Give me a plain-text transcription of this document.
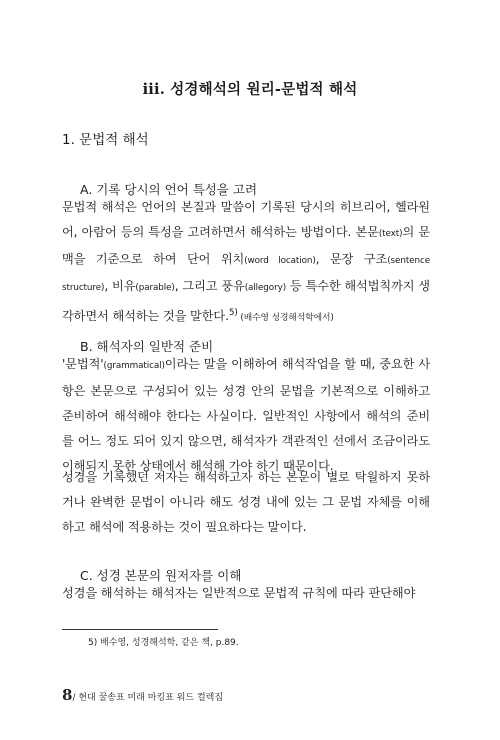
iii. 성경해석의 원리-문법적 해석
1. 문법적 해석
A. 기록 당시의 언어 특성을 고려

문법적 해석은 언어의 본질과 말씀이 기록된 당시의 히브리어, 헬라원어, 아람어 등의 특성을 고려하면서 해석하는 방법이다. 본문(text)의 문맥을 기준으로 하여 단어 위치(word location), 문장 구조(sentence structure), 비유(parable), 그리고 풍유(allegory) 등 특수한 해석법칙까지 생각하면서 해석하는 것을 말한다.$^{5)}$ (배수영 성경해석학에서)

B. 해석자의 일반적 준비

'문법적'(grammatical)이라는 말을 이해하여 해석작업을 할 때, 중요한 사항은 본문으로 구성되어 있는 성경 안의 문법을 기본적으로 이해하고 준비하여 해석해야 한다는 사실이다. 일반적인 사항에서 해석의 준비를 어느 정도 되어 있지 않으면, 해석자가 객관적인 선에서 조금이라도 이해되지 못한 상태에서 해석해 가야 하기 때문이다.

성경을 기록했던 저자는 해석하고자 하는 본문이 별로 탁월하지 못하거나 완벽한 문법이 아니라 해도 성경 내에 있는 그 문법 자체를 이해하고 해석에 적용하는 것이 필요하다는 말이다.

C. 성경 본문의 원저자를 이해

성경을 해석하는 해석자는 일반적으로 문법적 규칙에 따라 판단해야

5) 배수영, 성경해석학, 같은 책, p.89.
8/ 현대 꿀송표 미래 마킹표 워드 컬렉집
